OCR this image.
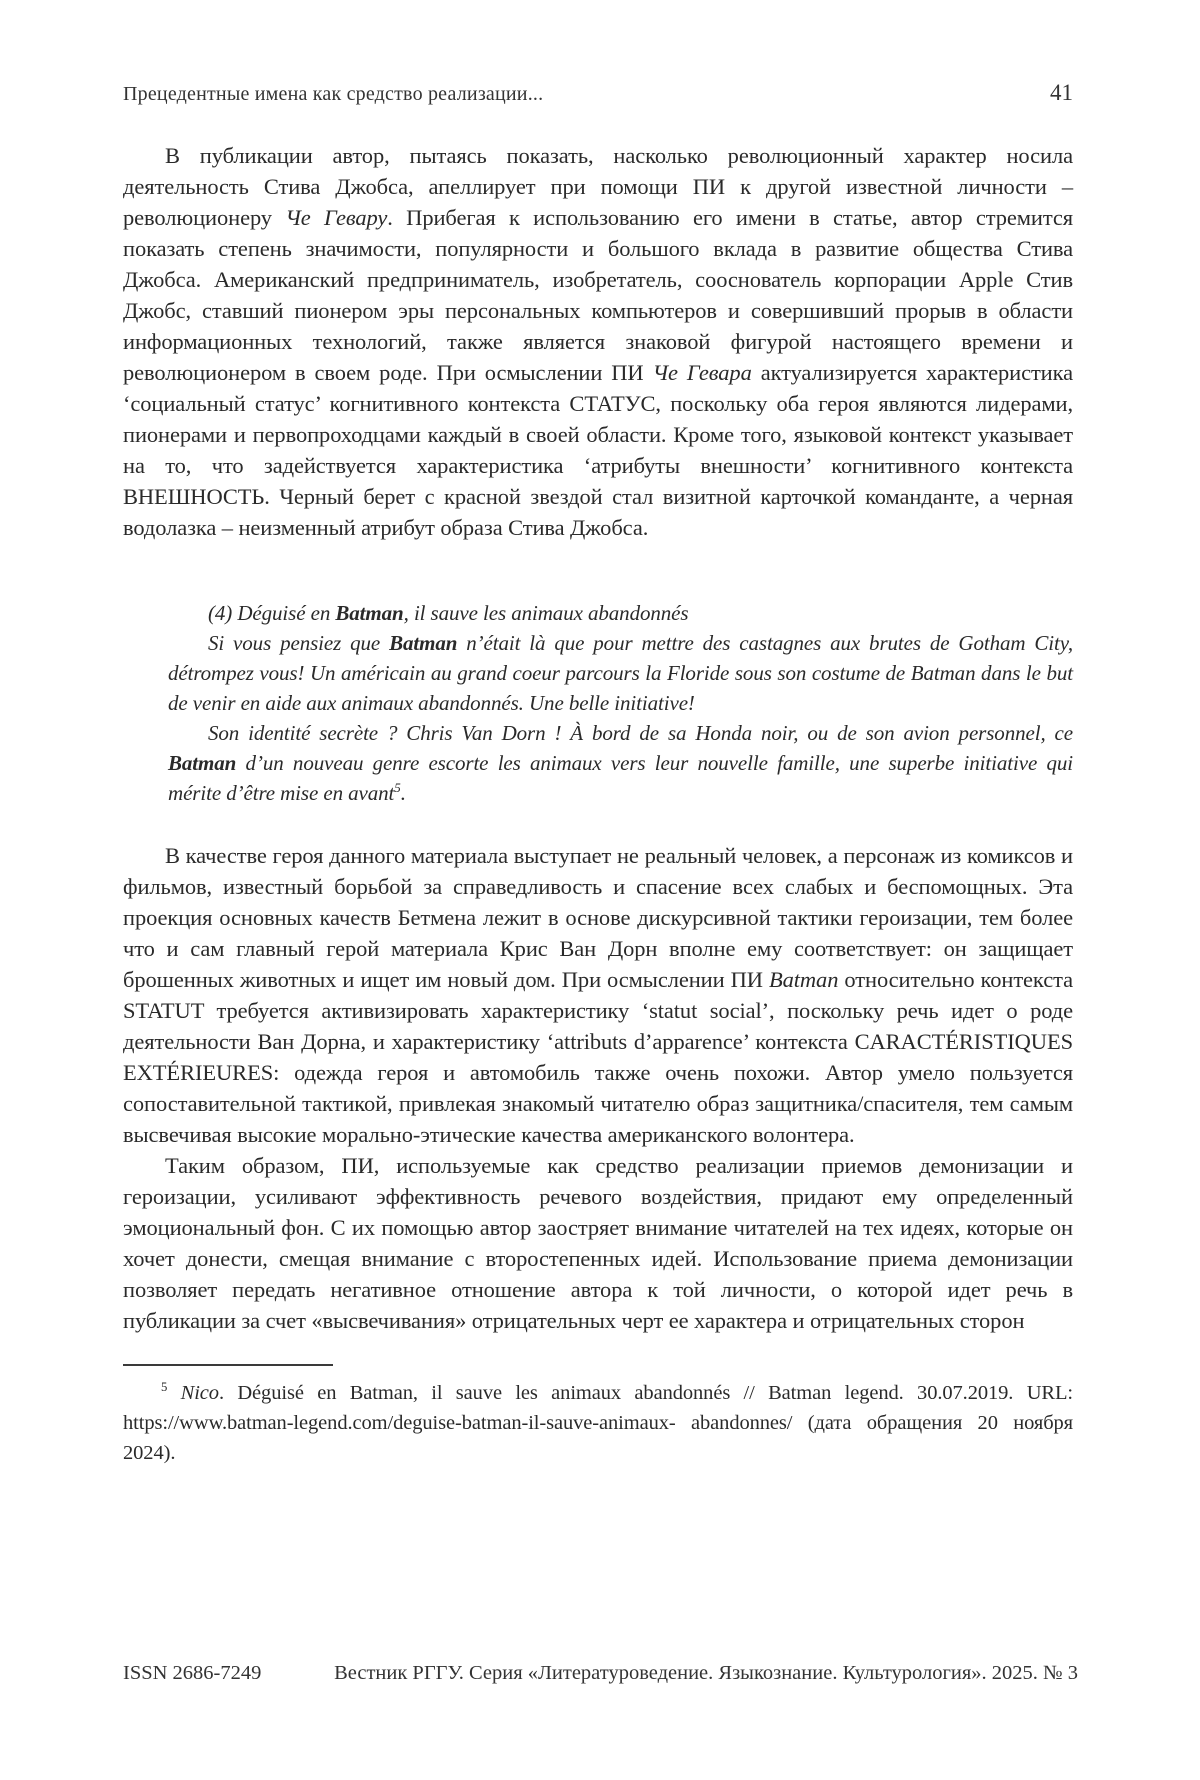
Прецедентные имена как средство реализации...	41

В публикации автор, пытаясь показать, насколько революционный характер носила деятельность Стива Джобса, апеллирует при помощи ПИ к другой известной личности – революционеру Че Гевару. Прибегая к использованию его имени в статье, автор стремится показать степень значимости, популярности и большого вклада в развитие общества Стива Джобса. Американский предприниматель, изобретатель, сооснователь корпорации Apple Стив Джобс, ставший пионером эры персональных компьютеров и совершивший прорыв в области информационных технологий, также является знаковой фигурой настоящего времени и революционером в своем роде. При осмыслении ПИ Че Гевара актуализируется характеристика ‘социальный статус’ когнитивного контекста СТАТУС, поскольку оба героя являются лидерами, пионерами и первопроходцами каждый в своей области. Кроме того, языковой контекст указывает на то, что задействуется характеристика ‘атрибуты внешности’ когнитивного контекста ВНЕШНОСТЬ. Черный берет с красной звездой стал визитной карточкой команданте, а черная водолазка – неизменный атрибут образа Стива Джобса.

(4) Déguisé en Batman, il sauve les animaux abandonnés

Si vous pensiez que Batman n’était là que pour mettre des castagnes aux brutes de Gotham City, détrompez vous! Un américain au grand coeur parcours la Floride sous son costume de Batman dans le but de venir en aide aux animaux abandonnés. Une belle initiative!

Son identité secrète ? Chris Van Dorn ! À bord de sa Honda noir, ou de son avion personnel, ce Batman d’un nouveau genre escorte les animaux vers leur nouvelle famille, une superbe initiative qui mérite d’être mise en avant$^5$.

В качестве героя данного материала выступает не реальный человек, а персонаж из комиксов и фильмов, известный борьбой за справедливость и спасение всех слабых и беспомощных. Эта проекция основных качеств Бетмена лежит в основе дискурсивной тактики героизации, тем более что и сам главный герой материала Крис Ван Дорн вполне ему соответствует: он защищает брошенных животных и ищет им новый дом. При осмыслении ПИ Batman относительно контекста STATUT требуется активизировать характеристику ‘statut social’, поскольку речь идет о роде деятельности Ван Дорна, и характеристику ‘attributs d’apparence’ контекста CARACTÉRISTIQUES EXTÉRIEURES: одежда героя и автомобиль также очень похожи. Автор умело пользуется сопоставительной тактикой, привлекая знакомый читателю образ защитника/спасителя, тем самым высвечивая высокие морально-этические качества американского волонтера.

Таким образом, ПИ, используемые как средство реализации приемов демонизации и героизации, усиливают эффективность речевого воздействия, придают ему определенный эмоциональный фон. С их помощью автор заостряет внимание читателей на тех идеях, которые он хочет донести, смещая внимание с второстепенных идей. Использование приема демонизации позволяет передать негативное отношение автора к той личности, о которой идет речь в публикации за счет «высвечивания» отрицательных черт ее характера и отрицательных сторон

$^5$ Nico. Déguisé en Batman, il sauve les animaux abandonnés // Batman legend. 30.07.2019. URL: https://www.batman-legend.com/deguise-batman-il-sauve-animaux- abandonnes/ (дата обращения 20 ноября 2024).

ISSN 2686-7249	Вестник РГГУ. Серия «Литературоведение. Языкознание. Культурология». 2025. № 3
